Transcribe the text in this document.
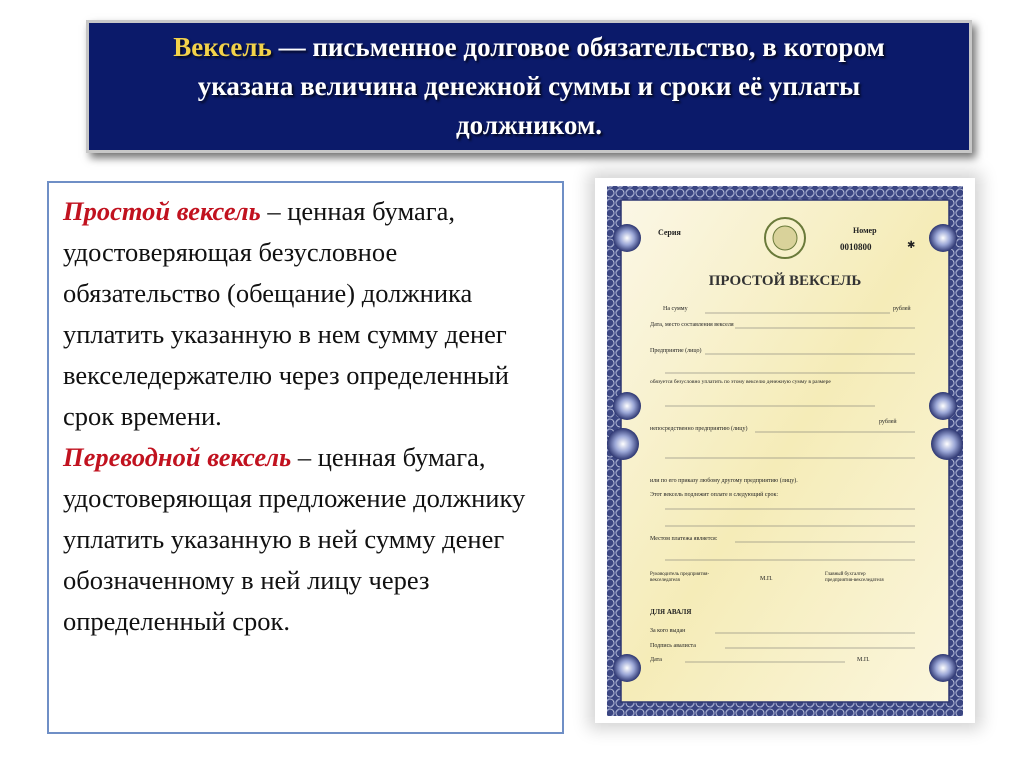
Вексель — письменное долговое обязательство, в котором указана величина денежной суммы и сроки её уплаты должником.

Простой вексель – ценная бумага, удостоверяющая безусловное обязательство (обещание) должника уплатить указанную в нем сумму денег векселедержателю через определенный срок времени.

Переводной вексель – ценная бумага, удостоверяющая предложение должнику уплатить указанную в ней сумму денег обозначенному в ней лицу через определенный срок.

Серия	Номер
0010800	✱
ПРОСТОЙ ВЕКСЕЛЬ
На сумму	рублей
Дата, место составления векселя
Предприятие (лицо)
обязуется безусловно уплатить по этому векселю денежную сумму в размере
рублей
непосредственно предприятию (лицу)
или по его приказу любому другому предприятию (лицу).
Этот вексель подлежит оплате в следующий срок:
Местом платежа является:
Руководитель предприятия-векселедателя	М.П.
Главный бухгалтер предприятия-векселедателя
ДЛЯ АВАЛЯ
За кого выдан
Подпись авалиста
Дата	М.П.
